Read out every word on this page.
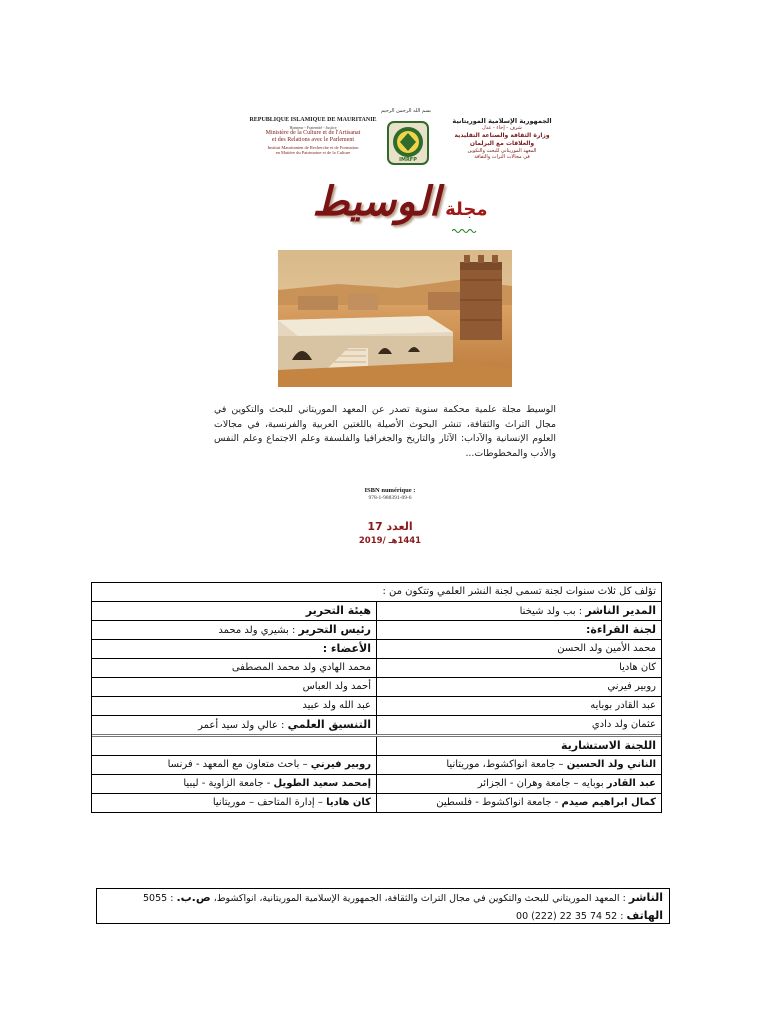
REPUBLIQUE ISLAMIQUE DE MAURITANIE
Honneur - Fraternité - Justice
Ministère de la Culture et de l'Artisanat
et des Relations avec le Parlement
Institut Mauritanien de Recherche et de Formation
en Matière du Patrimoine et de la Culture
بسم الله الرحمن الرحيم
IMRFP
الجمهورية الإسلامية الموريتانية
شرف - إخاء - عدل
وزارة الثقافة والصناعة التقليدية
والعلاقات مع البرلمان
المعهد الموريتاني للبحث والتكوين
في مجالات التراث والثقافة
مجلة الوسيط
الوسيط مجلة علمية محكمة سنوية تصدر عن المعهد الموريتاني للبحث والتكوين في مجال التراث والثقافة، تنشر البحوث الأصيلة باللغتين العربية والفرنسية، في مجالات العلوم الإنسانية والآداب: الآثار والتاريخ والجغرافيا والفلسفة وعلم الاجتماع وعلم النفس والأدب والمخطوطات...
ISBN numérique :
978-1-988391-09-6
العدد 17
1441هـ /2019
تؤلف كل ثلاث سنوات لجنة تسمى لجنة النشر العلمي وتتكون من :
المدير الناشر : بب ولد شيخنا
هيئة التحرير
لجنة القراءة:
رئيس التحرير : بشيري ولد محمد
محمد الأمين ولد الحسن
الأعضاء :
كان هاديا
محمد الهادي ولد محمد المصطفى
روبير فيرني
أحمد ولد العباس
عبد القادر بوبايه
عبد الله ولد عبيد
عثمان ولد دادي
التنسيق العلمي : عالي ولد سيد أعمر
اللجنة الاستشارية
الناني ولد الحسين – جامعة انواكشوط، موريتانيا
روبير فيرني – باحث متعاون مع المعهد - فرنسا
عبد القادر بوبايه – جامعة وهران - الجزائر
إمحمد سعيد الطويل - جامعة الزاوية - ليبيا
كمال ابراهيم صيدم - جامعة انواكشوط - فلسطين
كان هاديا – إدارة المتاحف – موريتانيا
الناشر : المعهد الموريتاني للبحث والتكوين في مجال التراث والثقافة، الجمهورية الإسلامية الموريتانية، انواكشوط، ص.ب. : 5055
الهاتف : 52 74 35 22 (222) 00
